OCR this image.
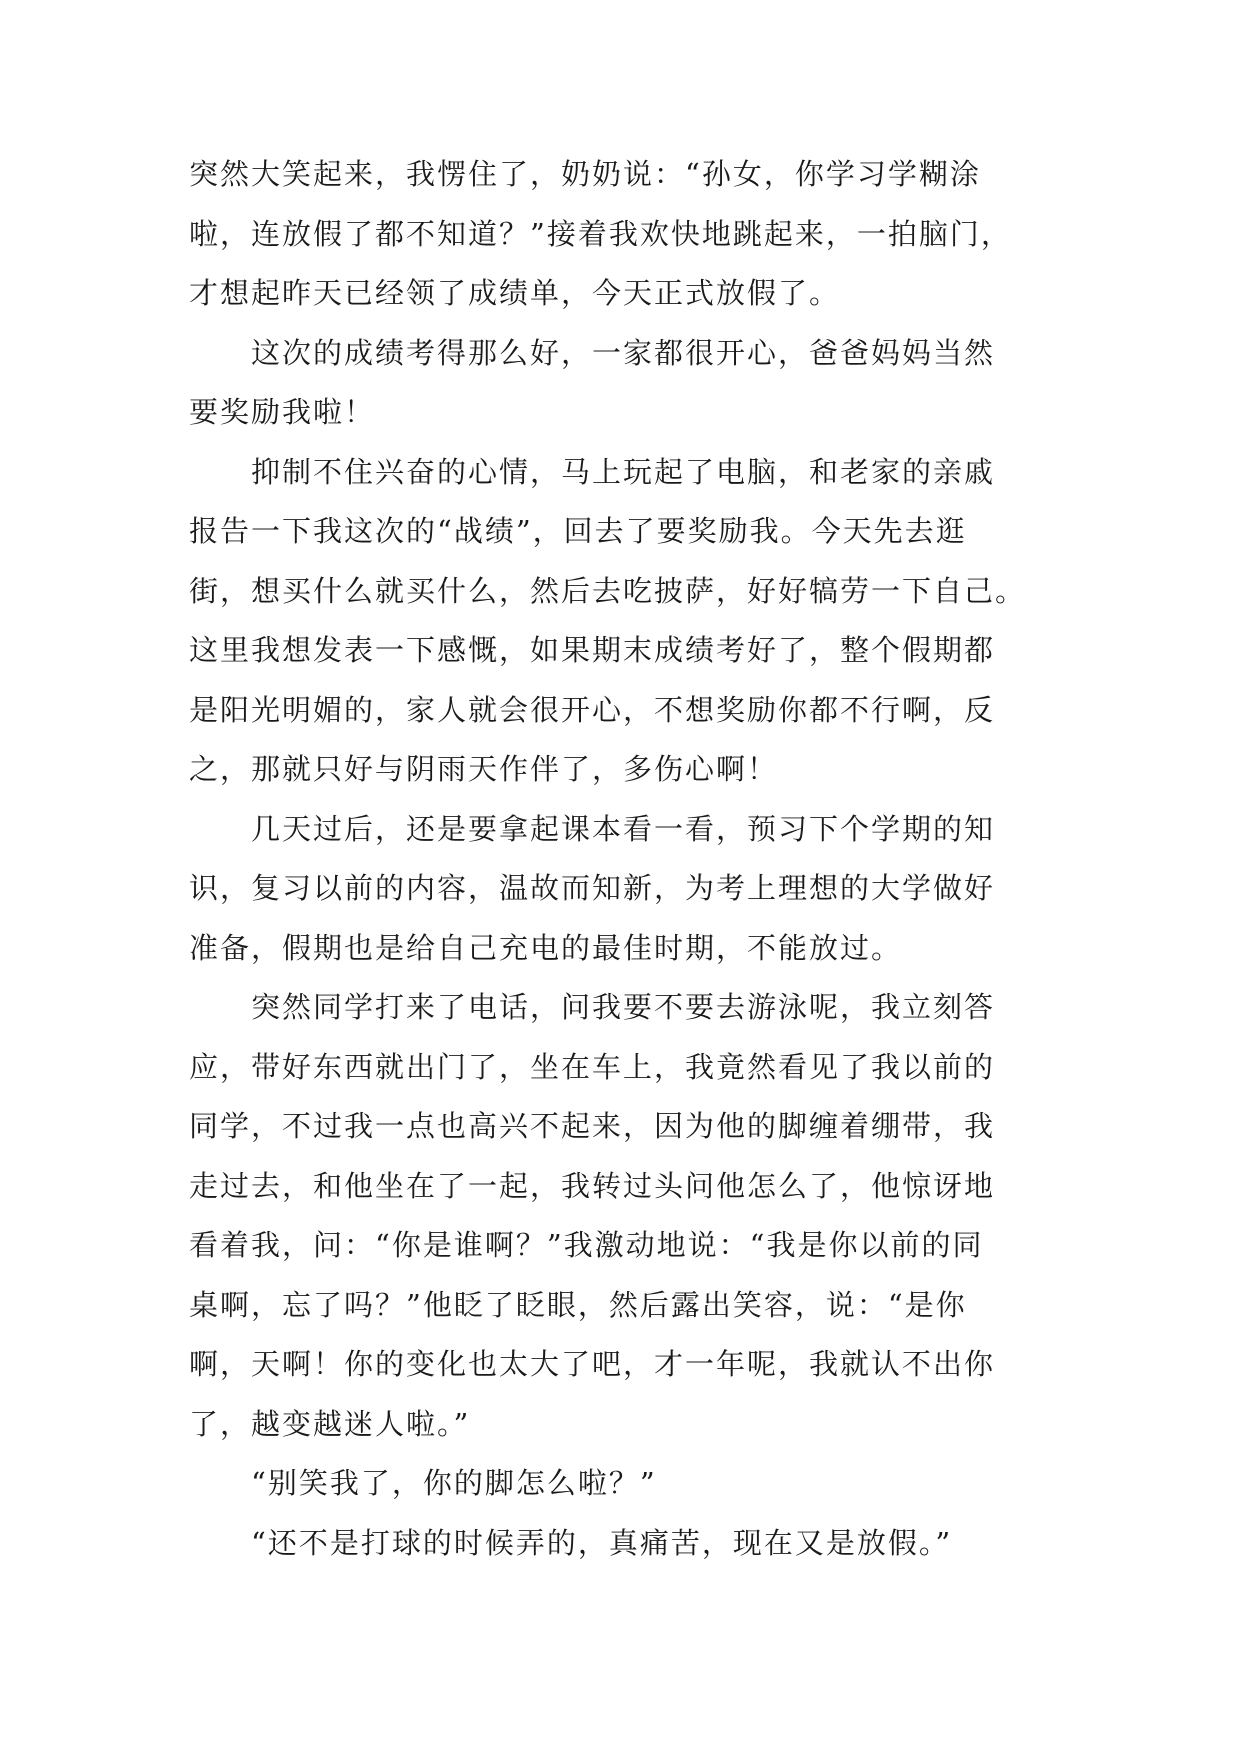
突然大笑起来，我愣住了，奶奶说：“孙女，你学习学糊涂
啦，连放假了都不知道？”接着我欢快地跳起来，一拍脑门，
才想起昨天已经领了成绩单，今天正式放假了。

　　这次的成绩考得那么好，一家都很开心，爸爸妈妈当然
要奖励我啦！

　　抑制不住兴奋的心情，马上玩起了电脑，和老家的亲戚
报告一下我这次的“战绩”，回去了要奖励我。今天先去逛
街，想买什么就买什么，然后去吃披萨，好好犒劳一下自己。
这里我想发表一下感慨，如果期末成绩考好了，整个假期都
是阳光明媚的，家人就会很开心，不想奖励你都不行啊，反
之，那就只好与阴雨天作伴了，多伤心啊！

　　几天过后，还是要拿起课本看一看，预习下个学期的知
识，复习以前的内容，温故而知新，为考上理想的大学做好
准备，假期也是给自己充电的最佳时期，不能放过。

　　突然同学打来了电话，问我要不要去游泳呢，我立刻答
应，带好东西就出门了，坐在车上，我竟然看见了我以前的
同学，不过我一点也高兴不起来，因为他的脚缠着绷带，我
走过去，和他坐在了一起，我转过头问他怎么了，他惊讶地
看着我，问：“你是谁啊？”我激动地说：“我是你以前的同
桌啊，忘了吗？”他眨了眨眼，然后露出笑容，说：“是你
啊，天啊！你的变化也太大了吧，才一年呢，我就认不出你
了，越变越迷人啦。”

　　“别笑我了，你的脚怎么啦？”

　　“还不是打球的时候弄的，真痛苦，现在又是放假。”
